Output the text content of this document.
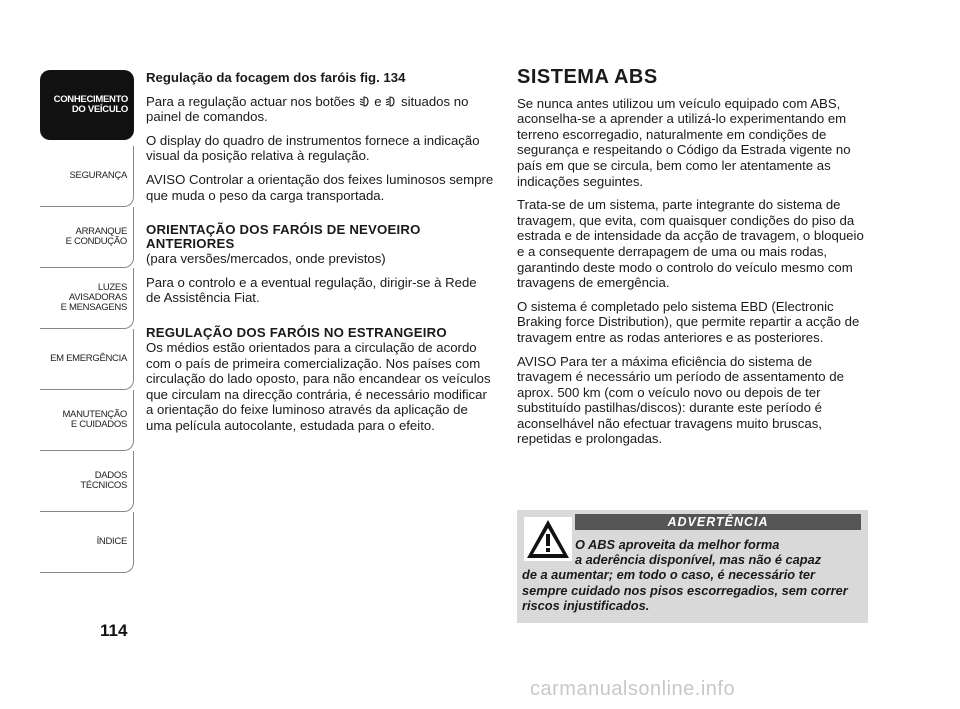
CONHECIMENTO
DO VEÍCULO
SEGURANÇA
ARRANQUE
E CONDUÇÃO
LUZES
AVISADORAS
E MENSAGENS
EM EMERGÊNCIA
MANUTENÇÃO
E CUIDADOS
DADOS
TÉCNICOS
ÍNDICE
114

Regulação da focagem dos faróis fig. 134

Para a regulação actuar nos botões e situados no painel de comandos.

O display do quadro de instrumentos fornece a indicação visual da posição relativa à regulação.

AVISO Controlar a orientação dos feixes luminosos sempre que muda o peso da carga transportada.

ORIENTAÇÃO DOS FARÓIS DE NEVOEIRO ANTERIORES

(para versões/mercados, onde previstos)

Para o controlo e a eventual regulação, dirigir-se à Rede de Assistência Fiat.

REGULAÇÃO DOS FARÓIS NO ESTRANGEIRO

Os médios estão orientados para a circulação de acordo com o país de primeira comercialização. Nos países com circulação do lado oposto, para não encandear os veículos que circulam na direcção contrária, é necessário modificar a orientação do feixe luminoso através da aplicação de uma película autocolante, estudada para o efeito.

SISTEMA ABS

Se nunca antes utilizou um veículo equipado com ABS, aconselha-se a aprender a utilizá-lo experimentando em terreno escorregadio, naturalmente em condições de segurança e respeitando o Código da Estrada vigente no país em que se circula, bem como ler atentamente as indicações seguintes.

Trata-se de um sistema, parte integrante do sistema de travagem, que evita, com quaisquer condições do piso da estrada e de intensidade da acção de travagem, o bloqueio e a consequente derrapagem de uma ou mais rodas, garantindo deste modo o controlo do veículo mesmo com travagens de emergência.

O sistema é completado pelo sistema EBD (Electronic Braking force Distribution), que permite repartir a acção de travagem entre as rodas anteriores e as posteriores.

AVISO Para ter a máxima eficiência do sistema de travagem é necessário um período de assentamento de aprox. 500 km (com o veículo novo ou depois de ter substituído pastilhas/discos): durante este período é aconselhável não efectuar travagens muito bruscas, repetidas e prolongadas.

ADVERTÊNCIA
O ABS aproveita da melhor forma
a aderência disponível, mas não é capaz
de a aumentar; em todo o caso, é necessário ter sempre cuidado nos pisos escorregadios, sem correr riscos injustificados.
carmanualsonline.info
